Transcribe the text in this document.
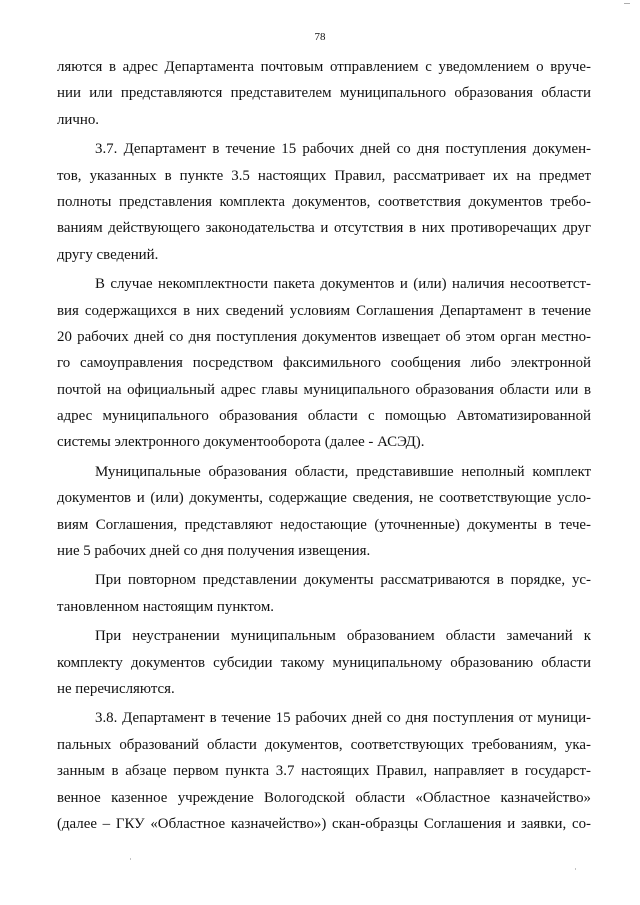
78
ляются в адрес Департамента почтовым отправлением с уведомлением о вруче-
нии или представляются представителем муниципального образования области
лично.
3.7. Департамент в течение 15 рабочих дней со дня поступления докумен-
тов, указанных в пункте 3.5 настоящих Правил, рассматривает их на предмет
полноты представления комплекта документов, соответствия документов требо-
ваниям действующего законодательства и отсутствия в них противоречащих друг
другу сведений.
В случае некомплектности пакета документов и (или) наличия несоответст-
вия содержащихся в них сведений условиям Соглашения Департамент в течение
20 рабочих дней со дня поступления документов извещает об этом орган местно-
го самоуправления посредством факсимильного сообщения либо электронной
почтой на официальный адрес главы муниципального образования области или в
адрес муниципального образования области с помощью Автоматизированной
системы электронного документооборота (далее - АСЭД).
Муниципальные образования области, представившие неполный комплект
документов и (или) документы, содержащие сведения, не соответствующие усло-
виям Соглашения, представляют недостающие (уточненные) документы в тече-
ние 5 рабочих дней со дня получения извещения.
При повторном представлении документы рассматриваются в порядке, ус-
тановленном настоящим пунктом.
При неустранении муниципальным образованием области замечаний к
комплекту документов субсидии такому муниципальному образованию области
не перечисляются.
3.8. Департамент в течение 15 рабочих дней со дня поступления от муници-
пальных образований области документов, соответствующих требованиям, ука-
занным в абзаце первом пункта 3.7 настоящих Правил, направляет в государст-
венное казенное учреждение Вологодской области «Областное казначейство»
(далее – ГКУ «Областное казначейство») скан-образцы Соглашения и заявки, со-
